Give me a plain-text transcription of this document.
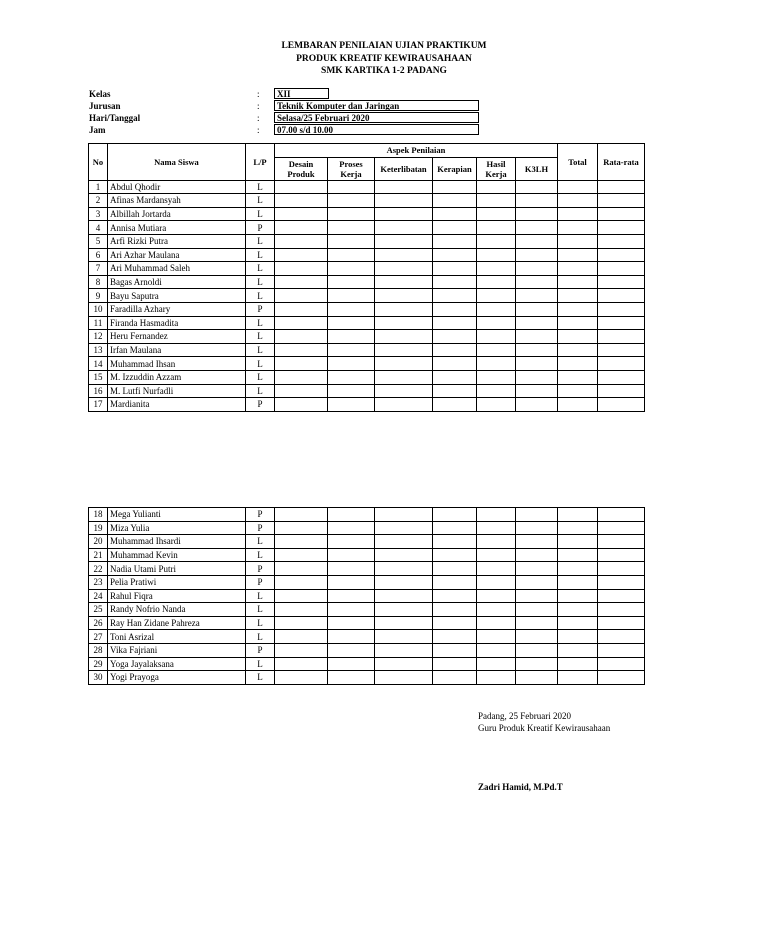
LEMBARAN PENILAIAN UJIAN PRAKTIKUM
PRODUK KREATIF KEWIRAUSAHAAN
SMK KARTIKA 1-2 PADANG
Kelas	:	XII
Jurusan	:	Teknik Komputer dan Jaringan
Hari/Tanggal	:	Selasa/25 Februari 2020
Jam	:	07.00 s/d 10.00
No	Nama Siswa	L/P	Aspek Penilaian						Total	Rata-rata
			Desain Produk	Proses Kerja	Keterlibatan	Kerapian	Hasil Kerja	K3LH		
1	Abdul Qhodir	L								
2	Afinas Mardansyah	L								
3	Albillah Jortarda	L								
4	Annisa Mutiara	P								
5	Arfi Rizki Putra	L								
6	Ari Azhar Maulana	L								
7	Ari Muhammad Saleh	L								
8	Bagas Arnoldi	L								
9	Bayu Saputra	L								
10	Faradilla Azhary	P								
11	Firanda Hasmadita	L								
12	Heru Fernandez	L								
13	Irfan Maulana	L								
14	Muhammad Ihsan	L								
15	M. Izzuddin Azzam	L								
16	M. Lutfi Nurfadli	L								
17	Mardianita	P								
18	Mega Yulianti	P								
19	Miza Yulia	P								
20	Muhammad Ihsardi	L								
21	Muhammad Kevin	L								
22	Nadia Utami Putri	P								
23	Pelia Pratiwi	P								
24	Rahul Fiqra	L								
25	Randy Nofrio Nanda	L								
26	Ray Han Zidane Pahreza	L								
27	Toni Asrizal	L								
28	Vika Fajriani	P								
29	Yoga Jayalaksana	L								
30	Yogi Prayoga	L								
Padang, 25 Februari 2020
Guru Produk Kreatif Kewirausahaan
Zadri Hamid, M.Pd.T
